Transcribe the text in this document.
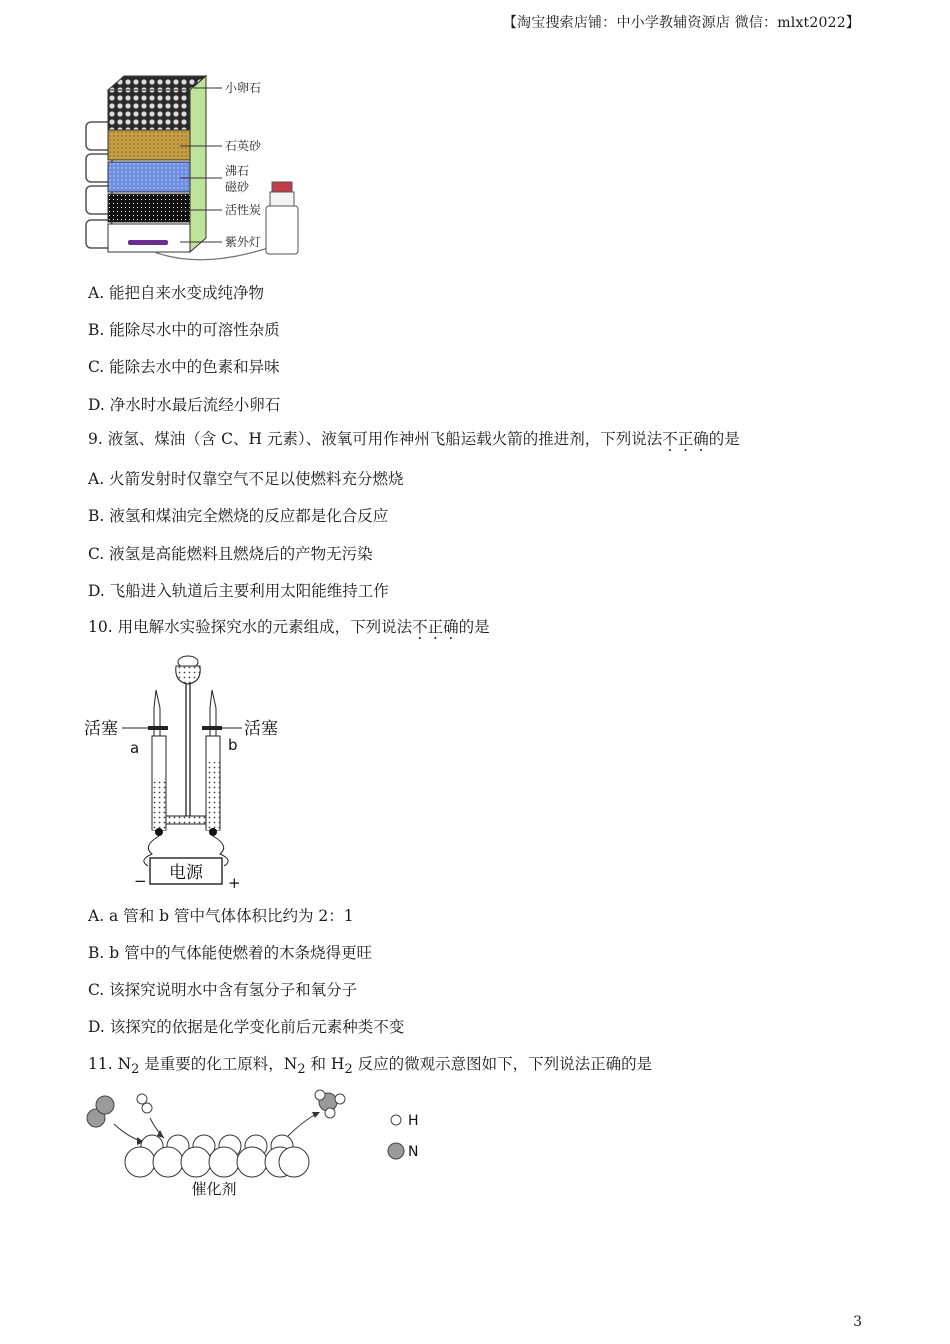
【淘宝搜索店铺：中小学教辅资源店 微信：mlxt2022】
小卵石
石英砂
沸石
磁砂
活性炭
紫外灯
A. 能把自来水变成纯净物
B. 能除尽水中的可溶性杂质
C. 能除去水中的色素和异味
D. 净水时水最后流经小卵石
9. 液氢、煤油（含 C、H 元素）、液氧可用作神州飞船运载火箭的推进剂，下列说法不正确的是
A. 火箭发射时仅靠空气不足以使燃料充分燃烧
B. 液氢和煤油完全燃烧的反应都是化合反应
C. 液氢是高能燃料且燃烧后的产物无污染
D. 飞船进入轨道后主要利用太阳能维持工作
10. 用电解水实验探究水的元素组成，下列说法不正确的是
电源
−	+
活塞	活塞
a	b
A. a 管和 b 管中气体体积比约为 2：1
B. b 管中的气体能使燃着的木条烧得更旺
C. 该探究说明水中含有氢分子和氧分子
D. 该探究的依据是化学变化前后元素种类不变
11. $N_2$ 是重要的化工原料，$N_2$ 和 $H_2$ 反应的微观示意图如下，下列说法正确的是
催化剂
H
N
3
